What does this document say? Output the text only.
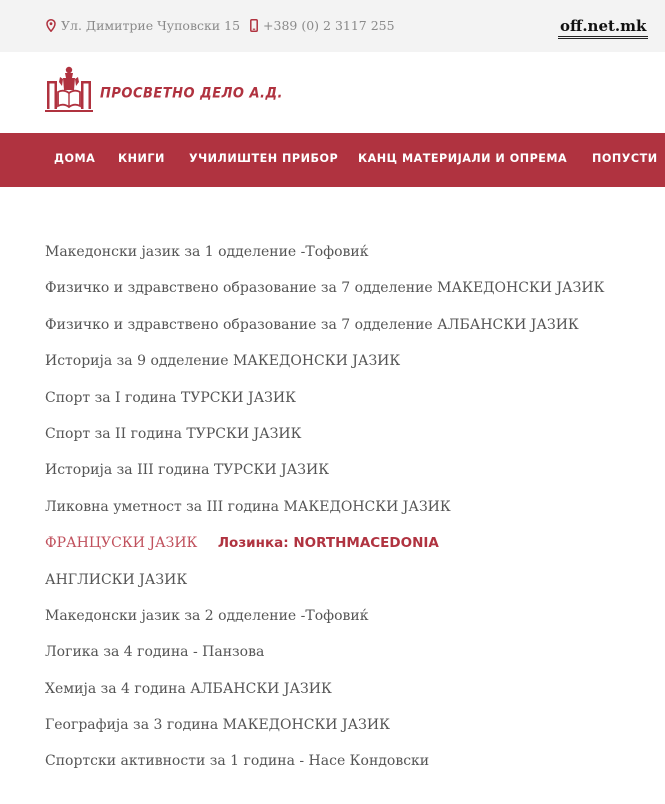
Ул. Димитрие Чуповски 15 +389 (0) 2 3117 255	off.net.mk
ПРОСВЕТНО ДЕЛО А.Д.
ДОМА КНИГИ УЧИЛИШТЕН ПРИБОР КАНЦ МАТЕРИЈАЛИ И ОПРЕМА ПОПУСТИ
Македонски јазик за 1 одделение -Тофовиќ
Физичко и здравствено образование за 7 одделение МАКЕДОНСКИ ЈАЗИК
Физичко и здравствено образование за 7 одделение АЛБАНСКИ ЈАЗИК
Историја за 9 одделение МАКЕДОНСКИ ЈАЗИК
Спорт за I година ТУРСКИ ЈАЗИК
Спорт за II година ТУРСКИ ЈАЗИК
Историја за III година ТУРСКИ ЈАЗИК
Ликовна уметност за III година МАКЕДОНСКИ ЈАЗИК
ФРАНЦУСКИ ЈАЗИК Лозинка: NORTHMACEDONIA
АНГЛИСКИ ЈАЗИК
Македонски јазик за 2 одделение -Тофовиќ
Логика за 4 година - Панзова
Хемија за 4 година АЛБАНСКИ ЈАЗИК
Географија за 3 година МАКЕДОНСКИ ЈАЗИК
Спортски активности за 1 година - Насе Кондовски
